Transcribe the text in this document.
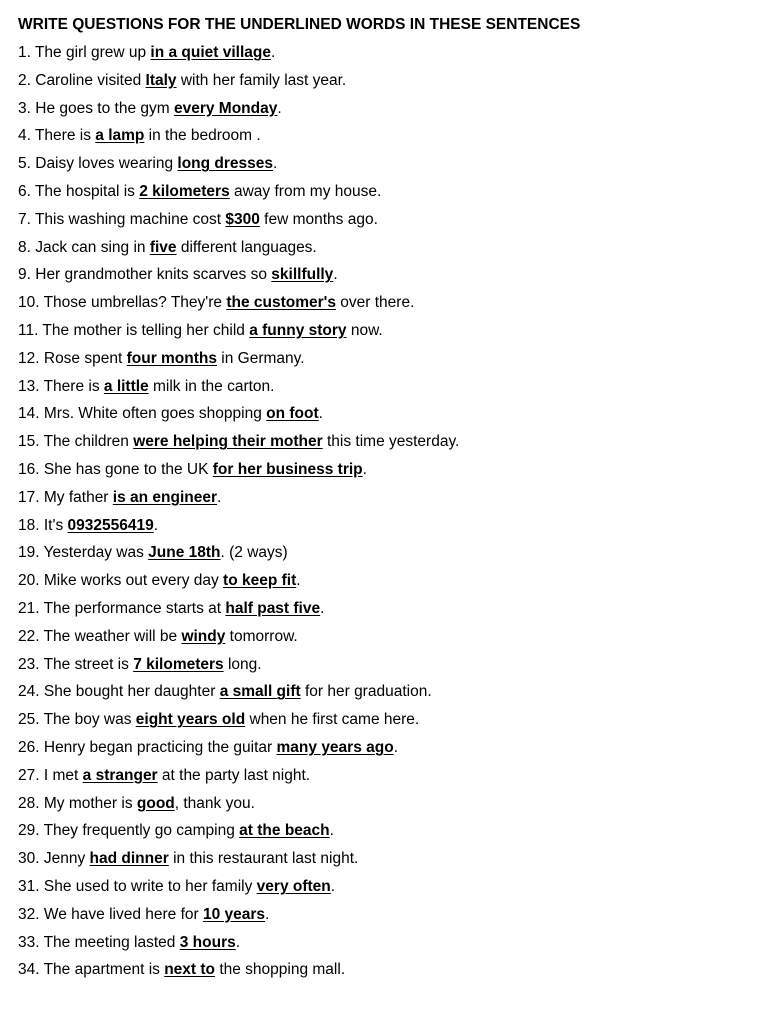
WRITE QUESTIONS FOR THE UNDERLINED WORDS IN THESE SENTENCES
1. The girl grew up in a quiet village.
2. Caroline visited Italy with her family last year.
3. He goes to the gym every Monday.
4. There is a lamp in the bedroom .
5. Daisy loves wearing long dresses.
6. The hospital is 2 kilometers away from my house.
7. This washing machine cost $300 few months ago.
8. Jack can sing in five different languages.
9. Her grandmother knits scarves so skillfully.
10. Those umbrellas? They're the customer's over there.
11. The mother is telling her child a funny story now.
12. Rose spent four months in Germany.
13. There is a little milk in the carton.
14. Mrs. White often goes shopping on foot.
15. The children were helping their mother this time yesterday.
16. She has gone to the UK for her business trip.
17. My father is an engineer.
18. It's 0932556419.
19. Yesterday was June 18th. (2 ways)
20. Mike works out every day to keep fit.
21. The performance starts at half past five.
22. The weather will be windy tomorrow.
23. The street is 7 kilometers long.
24. She bought her daughter a small gift for her graduation.
25. The boy was eight years old when he first came here.
26. Henry began practicing the guitar many years ago.
27. I met a stranger at the party last night.
28. My mother is good, thank you.
29. They frequently go camping at the beach.
30. Jenny had dinner in this restaurant last night.
31. She used to write to her family very often.
32. We have lived here for 10 years.
33. The meeting lasted 3 hours.
34. The apartment is next to the shopping mall.
